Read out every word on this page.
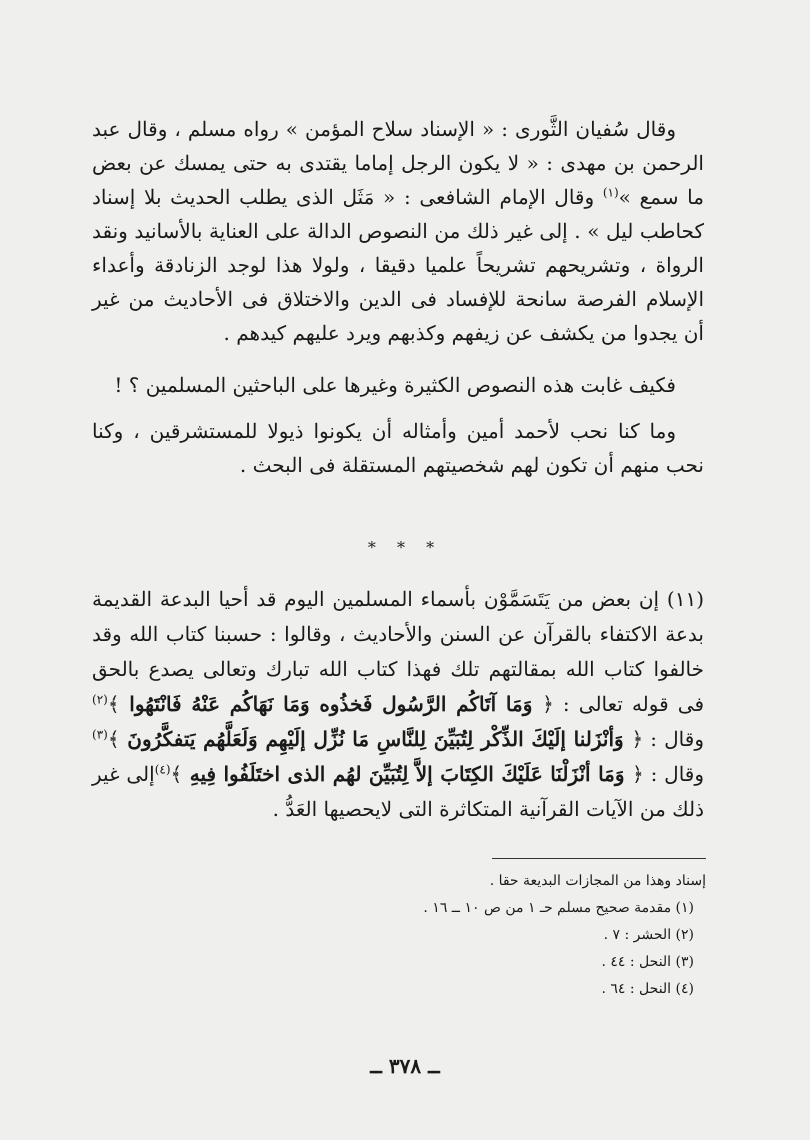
وقال سُفيان الثَّورى : « الإسناد سلاح المؤمن » رواه مسلم ، وقال عبد الرحمن بن مهدى : « لا يكون الرجل إماما يقتدى به حتى يمسك عن بعض ما سمع »$^{(١)}$ وقال الإمام الشافعى : « مَثَل الذى يطلب الحديث بلا إسناد كحاطب ليل » . إلى غير ذلك من النصوص الدالة على العناية بالأسانيد ونقد الرواة ، وتشريحهم تشريحاً علميا دقيقا ، ولولا هذا لوجد الزنادقة وأعداء الإسلام الفرصة سانحة للإفساد فى الدين والاختلاق فى الأحاديث من غير أن يجدوا من يكشف عن زيفهم وكذبهم ويرد عليهم كيدهم .

فكيف غابت هذه النصوص الكثيرة وغيرها على الباحثين المسلمين ؟ !

وما كنا نحب لأحمد أمين وأمثاله أن يكونوا ذيولا للمستشرقين ، وكنا نحب منهم أن تكون لهم شخصيتهم المستقلة فى البحث .

* * *

(١١) إن بعض من يَتَسَمَّوْن بأسماء المسلمين اليوم قد أحيا البدعة القديمة بدعة الاكتفاء بالقرآن عن السنن والأحاديث ، وقالوا : حسبنا كتاب الله وقد خالفوا كتاب الله بمقالتهم تلك فهذا كتاب الله تبارك وتعالى يصدع بالحق فى قوله تعالى : ﴿ وَمَا آتَاكُم الرَّسُول فَخذُوه وَمَا نَهَاكُم عَنْهُ فَانْتَهُوا ﴾$^{(٢)}$ وقال : ﴿ وَأنْزَلنا إلَيْكَ الذِّكْر لِتُبَيِّنَ لِلنَّاسِ مَا نُزِّل إلَيْهِم وَلَعَلَّهُم يَتفكَّرُونَ ﴾$^{(٣)}$ وقال : ﴿ وَمَا أنْزَلْنَا عَلَيْكَ الكِتَابَ إلاَّ لِتُبَيِّنَ لهُم الذى اختَلَفُوا فِيهِ ﴾$^{(٤)}$إلى غير ذلك من الآيات القرآنية المتكاثرة التى لايحصيها العَدُّ .

إسناد وهذا من المجازات البديعة حقا .
(١) مقدمة صحيح مسلم حـ ١ من ص ١٠ ــ ١٦ .
(٢) الحشر : ٧ .
(٣) النحل : ٤٤ .
(٤) النحل : ٦٤ .
ــ ٣٧٨ ــ
